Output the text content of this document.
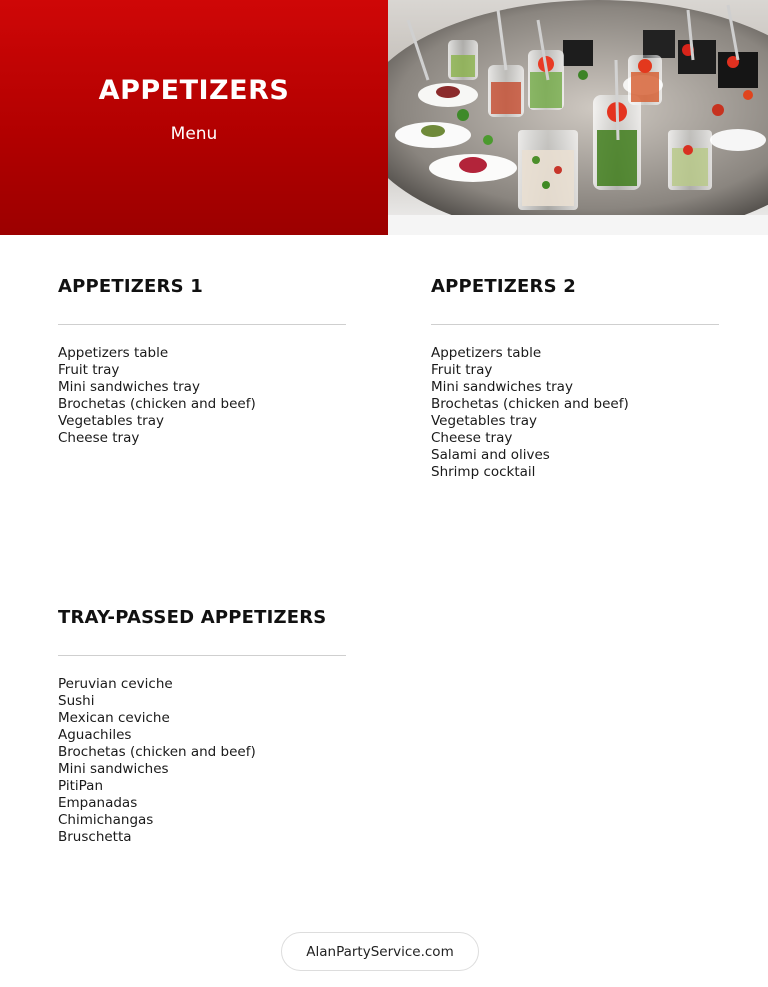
APPETIZERS
Menu
APPETIZERS 1
Appetizers table
Fruit tray
Mini sandwiches tray
Brochetas (chicken and beef)
Vegetables tray
Cheese tray
APPETIZERS 2
Appetizers table
Fruit tray
Mini sandwiches tray
Brochetas (chicken and beef)
Vegetables tray
Cheese tray
Salami and olives
Shrimp cocktail
TRAY-PASSED APPETIZERS
Peruvian ceviche
Sushi
Mexican ceviche
Aguachiles
Brochetas (chicken and beef)
Mini sandwiches
PitiPan
Empanadas
Chimichangas
Bruschetta
AlanPartyService.com
